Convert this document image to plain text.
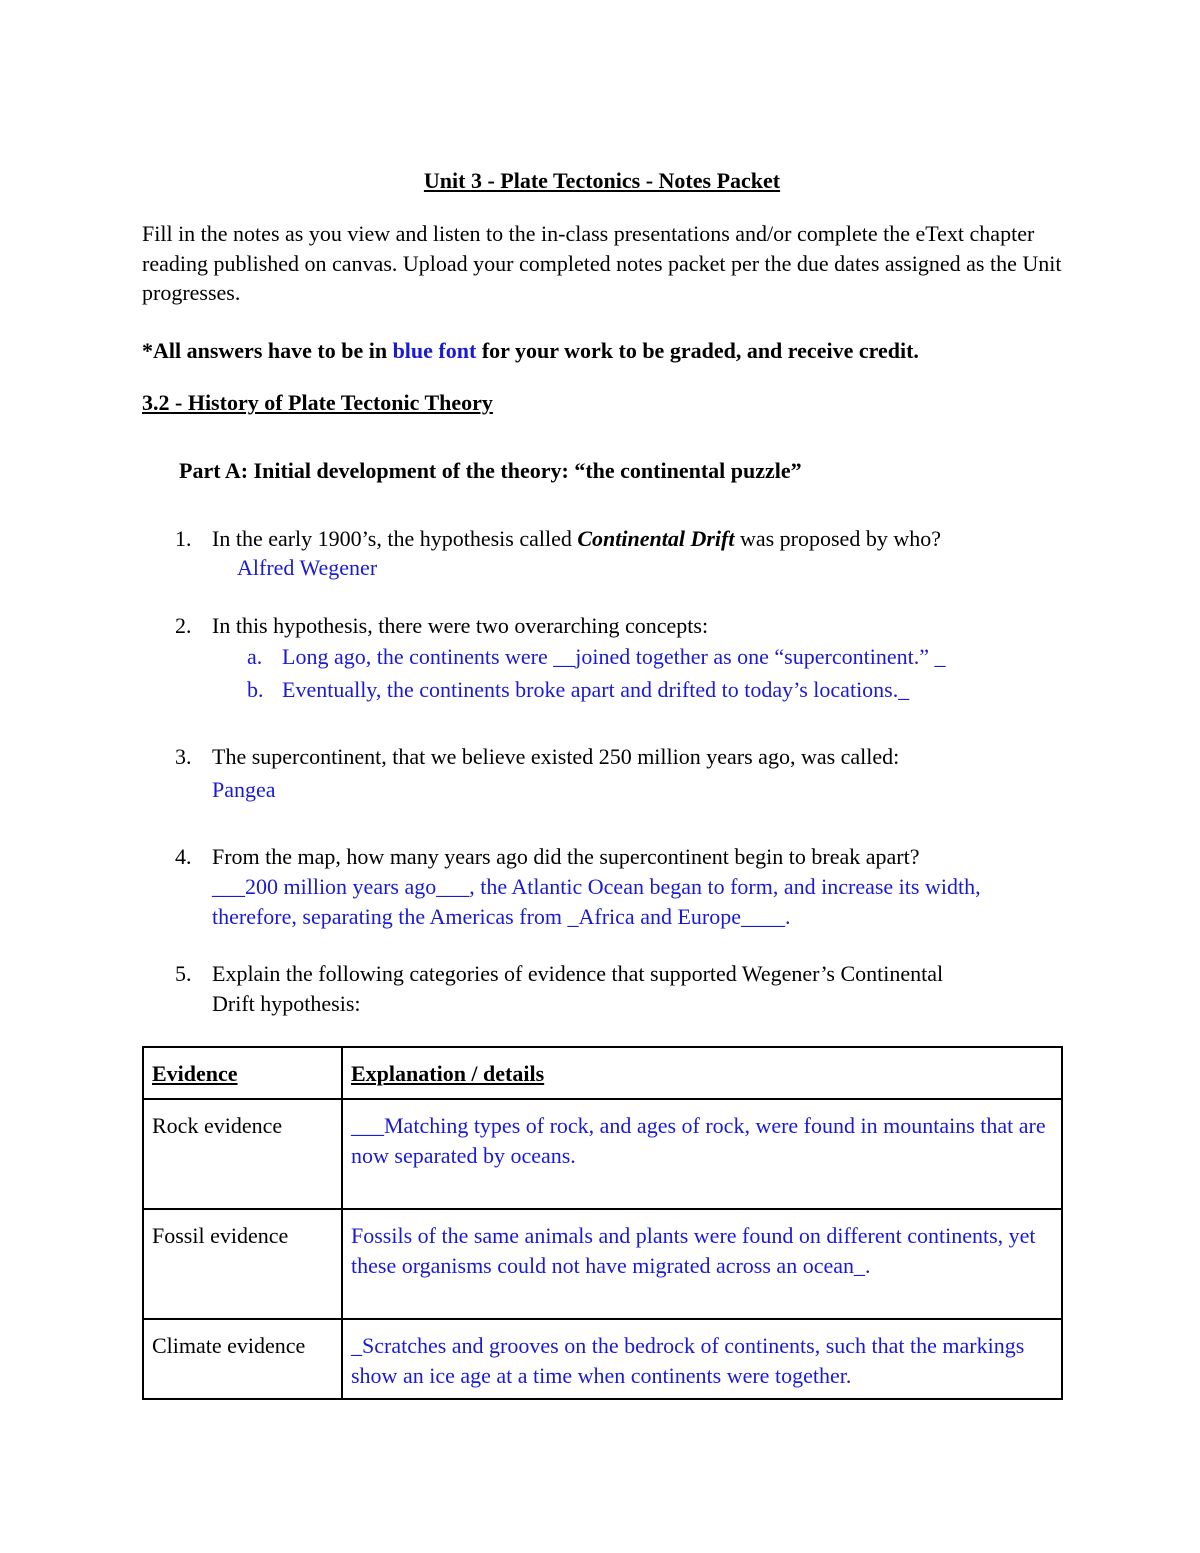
Unit 3 - Plate Tectonics - Notes Packet
Fill in the notes as you view and listen to the in-class presentations and/or complete the eText chapter reading published on canvas. Upload your completed notes packet per the due dates assigned as the Unit progresses.
*All answers have to be in blue font for your work to be graded, and receive credit.
3.2 - History of Plate Tectonic Theory
Part A: Initial development of the theory: “the continental puzzle”
1. In the early 1900’s, the hypothesis called Continental Drift was proposed by who?
Alfred Wegener
2. In this hypothesis, there were two overarching concepts:
a. Long ago, the continents were __joined together as one “supercontinent.” _
b. Eventually, the continents broke apart and drifted to today’s locations._
3. The supercontinent, that we believe existed 250 million years ago, was called:
Pangea
4. From the map, how many years ago did the supercontinent begin to break apart?
___200 million years ago___, the Atlantic Ocean began to form, and increase its width, therefore, separating the Americas from _Africa and Europe____.
5. Explain the following categories of evidence that supported Wegener’s Continental Drift hypothesis:
Evidence	Explanation / details
Rock evidence	___Matching types of rock, and ages of rock, were found in mountains that are now separated by oceans.
Fossil evidence	Fossils of the same animals and plants were found on different continents, yet these organisms could not have migrated across an ocean_.
Climate evidence	_Scratches and grooves on the bedrock of continents, such that the markings show an ice age at a time when continents were together.
